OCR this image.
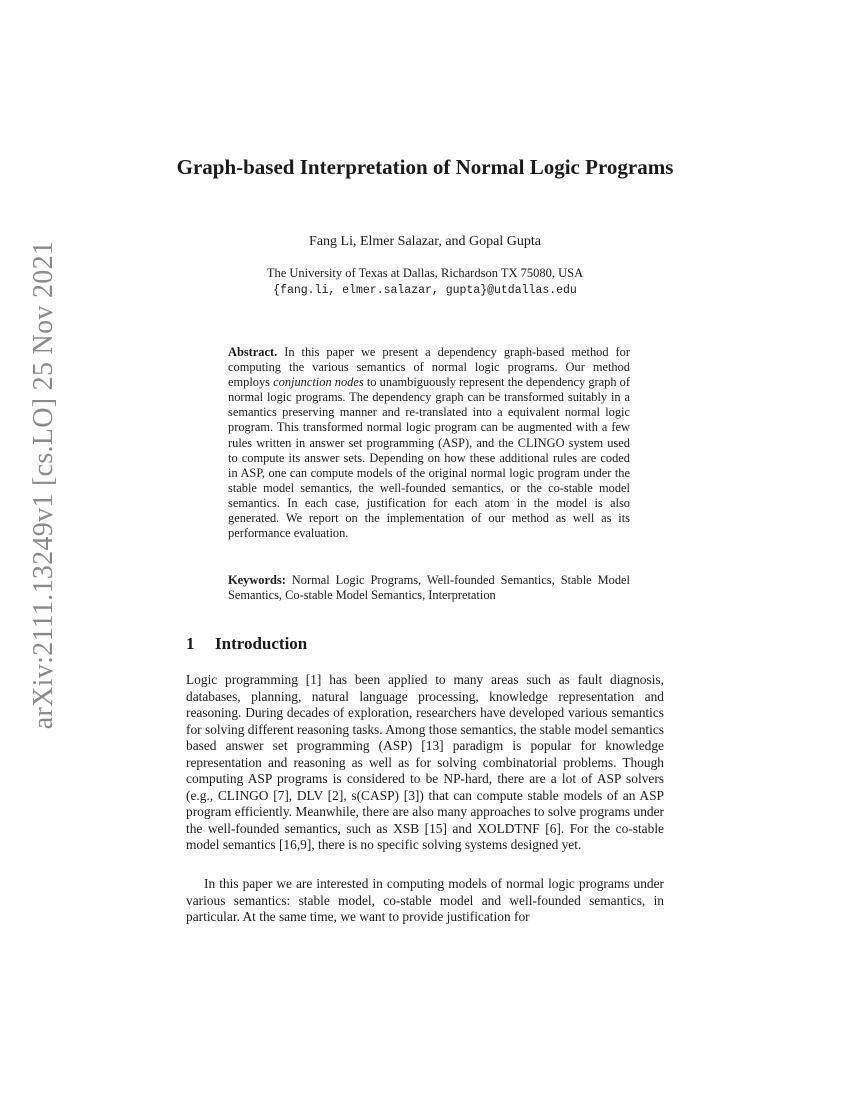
arXiv:2111.13249v1 [cs.LO] 25 Nov 2021
Graph-based Interpretation of Normal Logic Programs

Fang Li, Elmer Salazar, and Gopal Gupta

The University of Texas at Dallas, Richardson TX 75080, USA
{fang.li, elmer.salazar, gupta}@utdallas.edu

Abstract. In this paper we present a dependency graph-based method for computing the various semantics of normal logic programs. Our method employs conjunction nodes to unambiguously represent the dependency graph of normal logic programs. The dependency graph can be transformed suitably in a semantics preserving manner and re-translated into a equivalent normal logic program. This transformed normal logic program can be augmented with a few rules written in answer set programming (ASP), and the CLINGO system used to compute its answer sets. Depending on how these additional rules are coded in ASP, one can compute models of the original normal logic program under the stable model semantics, the well-founded semantics, or the co-stable model semantics. In each case, justification for each atom in the model is also generated. We report on the implementation of our method as well as its performance evaluation.

Keywords: Normal Logic Programs, Well-founded Semantics, Stable Model Semantics, Co-stable Model Semantics, Interpretation

1 Introduction

Logic programming [1] has been applied to many areas such as fault diagnosis, databases, planning, natural language processing, knowledge representation and reasoning. During decades of exploration, researchers have developed various semantics for solving different reasoning tasks. Among those semantics, the stable model semantics based answer set programming (ASP) [13] paradigm is popular for knowledge representation and reasoning as well as for solving combinatorial problems. Though computing ASP programs is considered to be NP-hard, there are a lot of ASP solvers (e.g., CLINGO [7], DLV [2], s(CASP) [3]) that can compute stable models of an ASP program efficiently. Meanwhile, there are also many approaches to solve programs under the well-founded semantics, such as XSB [15] and XOLDTNF [6]. For the co-stable model semantics [16,9], there is no specific solving systems designed yet.

In this paper we are interested in computing models of normal logic programs under various semantics: stable model, co-stable model and well-founded semantics, in particular. At the same time, we want to provide justification for
